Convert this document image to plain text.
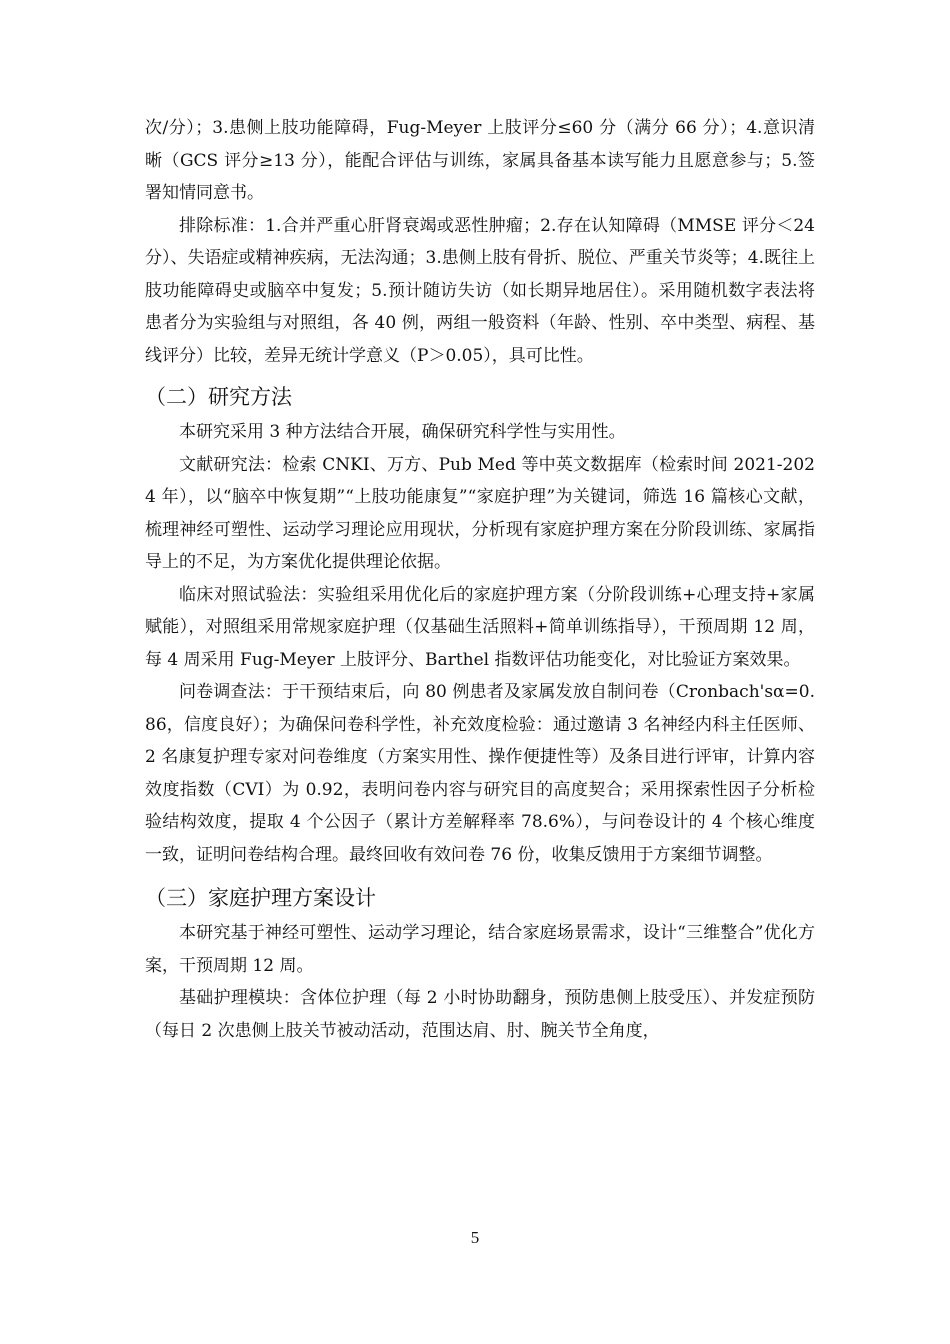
次/分）；3.患侧上肢功能障碍，Fug-Meyer 上肢评分≤60 分（满分 66 分）；4.意识清晰（GCS 评分≥13 分），能配合评估与训练，家属具备基本读写能力且愿意参与；5.签署知情同意书。

排除标准：1.合并严重心肝肾衰竭或恶性肿瘤；2.存在认知障碍（MMSE 评分＜24 分）、失语症或精神疾病，无法沟通；3.患侧上肢有骨折、脱位、严重关节炎等；4.既往上肢功能障碍史或脑卒中复发；5.预计随访失访（如长期异地居住）。采用随机数字表法将患者分为实验组与对照组，各 40 例，两组一般资料（年龄、性别、卒中类型、病程、基线评分）比较，差异无统计学意义（P＞0.05），具可比性。

（二）研究方法

本研究采用 3 种方法结合开展，确保研究科学性与实用性。

文献研究法：检索 CNKI、万方、Pub Med 等中英文数据库（检索时间 2021-2024 年），以“脑卒中恢复期”“上肢功能康复”“家庭护理”为关键词，筛选 16 篇核心文献，梳理神经可塑性、运动学习理论应用现状，分析现有家庭护理方案在分阶段训练、家属指导上的不足，为方案优化提供理论依据。

临床对照试验法：实验组采用优化后的家庭护理方案（分阶段训练+心理支持+家属赋能），对照组采用常规家庭护理（仅基础生活照料+简单训练指导），干预周期 12 周，每 4 周采用 Fug-Meyer 上肢评分、Barthel 指数评估功能变化，对比验证方案效果。

问卷调查法：于干预结束后，向 80 例患者及家属发放自制问卷（Cronbach'sα=0.86，信度良好）；为确保问卷科学性，补充效度检验：通过邀请 3 名神经内科主任医师、2 名康复护理专家对问卷维度（方案实用性、操作便捷性等）及条目进行评审，计算内容效度指数（CVI）为 0.92，表明问卷内容与研究目的高度契合；采用探索性因子分析检验结构效度，提取 4 个公因子（累计方差解释率 78.6%），与问卷设计的 4 个核心维度一致，证明问卷结构合理。最终回收有效问卷 76 份，收集反馈用于方案细节调整。

（三）家庭护理方案设计

本研究基于神经可塑性、运动学习理论，结合家庭场景需求，设计“三维整合”优化方案，干预周期 12 周。

基础护理模块：含体位护理（每 2 小时协助翻身，预防患侧上肢受压）、并发症预防（每日 2 次患侧上肢关节被动活动，范围达肩、肘、腕关节全角度，

5
